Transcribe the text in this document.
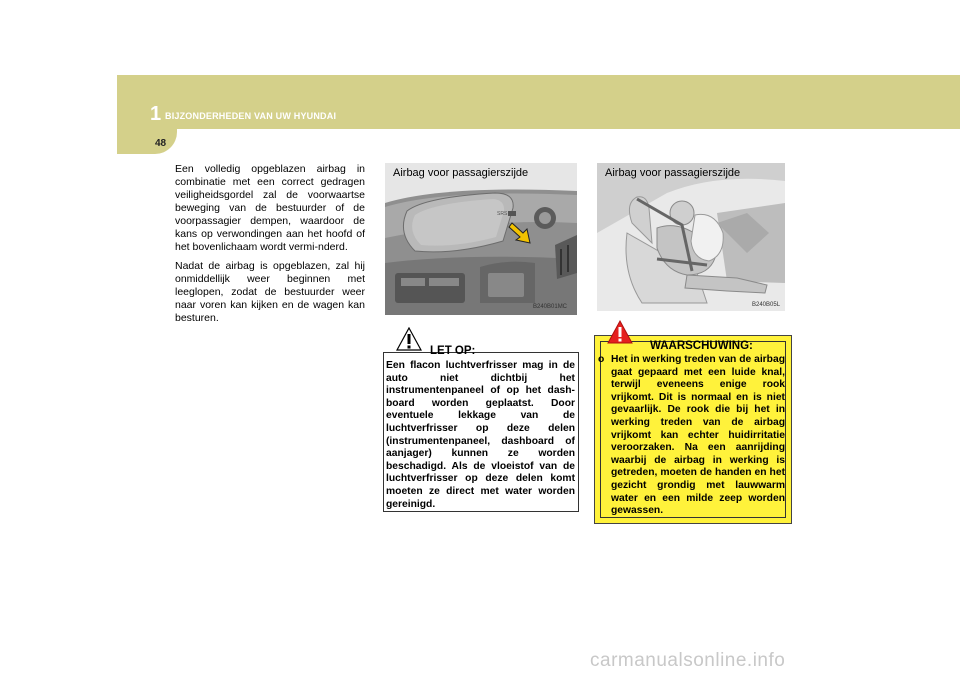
1 BIJZONDERHEDEN VAN UW HYUNDAI
48

Een volledig opgeblazen airbag in combinatie met een correct gedragen veiligheidsgordel zal de voorwaartse beweging van de bestuurder of de voorpassagier dempen, waardoor de kans op verwondingen aan het hoofd of het bovenlichaam wordt vermi-nderd.

Nadat de airbag is opgeblazen, zal hij onmiddellijk weer beginnen met leeglopen, zodat de bestuurder weer naar voren kan kijken en de wagen kan besturen.

SRS
Airbag voor passagierszijde
B240B01MC
Airbag voor passagierszijde
B240B05L
LET OP:
Een flacon luchtverfrisser mag in de auto niet dichtbij het instrumentenpaneel of op het dash-board worden geplaatst. Door eventuele lekkage van de luchtverfrisser op deze delen (instrumentenpaneel, dashboard of aanjager) kunnen ze worden beschadigd. Als de vloeistof van de luchtverfrisser op deze delen komt moeten ze direct met water worden gereinigd.
WAARSCHUWING:
o Het in werking treden van de airbag gaat gepaard met een luide knal, terwijl eveneens enige rook vrijkomt. Dit is normaal en is niet gevaarlijk. De rook die bij het in werking treden van de airbag vrijkomt kan echter huidirritatie veroorzaken. Na een aanrijding waarbij de airbag in werking is getreden, moeten de handen en het gezicht grondig met lauwwarm water en een milde zeep worden gewassen.
carmanualsonline.info
